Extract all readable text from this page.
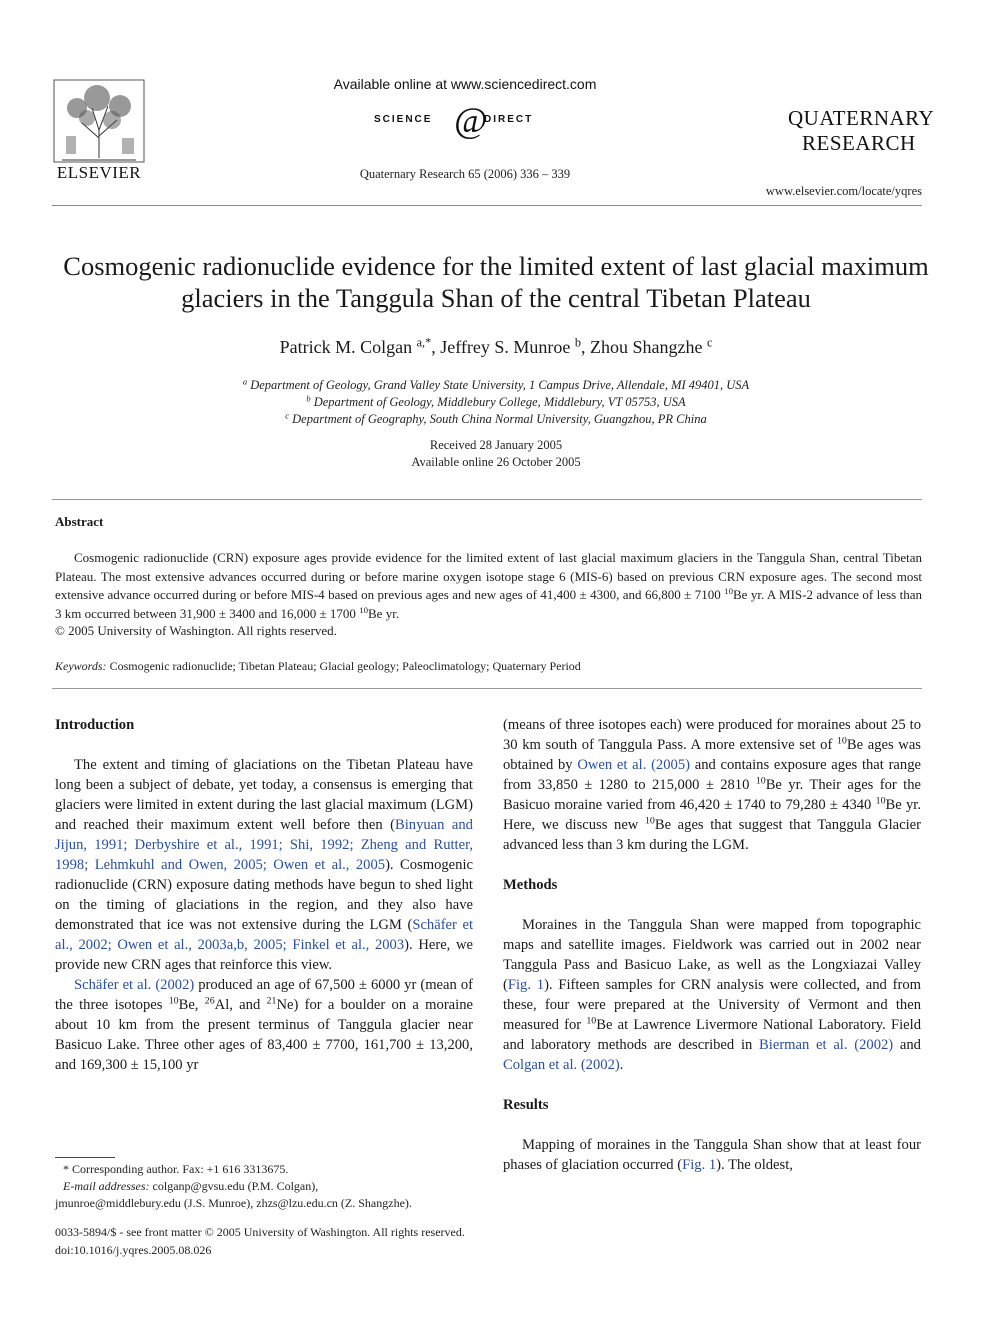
ELSEVIER
Available online at www.sciencedirect.com
SCIENCE @
DIRECT
Quaternary Research 65 (2006) 336 – 339
QUATERNARY
RESEARCH
www.elsevier.com/locate/yqres
Cosmogenic radionuclide evidence for the limited extent of last glacial maximum glaciers in the Tanggula Shan of the central Tibetan Plateau
Patrick M. Colgan $^{a,*}$, Jeffrey S. Munroe $^b$, Zhou Shangzhe $^c$
$^a$ Department of Geology, Grand Valley State University, 1 Campus Drive, Allendale, MI 49401, USA
$^b$ Department of Geology, Middlebury College, Middlebury, VT 05753, USA
$^c$ Department of Geography, South China Normal University, Guangzhou, PR China
Received 28 January 2005
Available online 26 October 2005
Abstract

Cosmogenic radionuclide (CRN) exposure ages provide evidence for the limited extent of last glacial maximum glaciers in the Tanggula Shan, central Tibetan Plateau. The most extensive advances occurred during or before marine oxygen isotope stage 6 (MIS-6) based on previous CRN exposure ages. The second most extensive advance occurred during or before MIS-4 based on previous ages and new ages of 41,400 ± 4300, and 66,800 ± 7100 $^{10}$Be yr. A MIS-2 advance of less than 3 km occurred between 31,900 ± 3400 and 16,000 ± 1700 $^{10}$Be yr.

© 2005 University of Washington. All rights reserved.
Keywords: Cosmogenic radionuclide; Tibetan Plateau; Glacial geology; Paleoclimatology; Quaternary Period
Introduction

The extent and timing of glaciations on the Tibetan Plateau have long been a subject of debate, yet today, a consensus is emerging that glaciers were limited in extent during the last glacial maximum (LGM) and reached their maximum extent well before then (Binyuan and Jijun, 1991; Derbyshire et al., 1991; Shi, 1992; Zheng and Rutter, 1998; Lehmkuhl and Owen, 2005; Owen et al., 2005). Cosmogenic radionuclide (CRN) exposure dating methods have begun to shed light on the timing of glaciations in the region, and they also have demonstrated that ice was not extensive during the LGM (Schäfer et al., 2002; Owen et al., 2003a,b, 2005; Finkel et al., 2003). Here, we provide new CRN ages that reinforce this view.

Schäfer et al. (2002) produced an age of 67,500 ± 6000 yr (mean of the three isotopes $^{10}$Be, $^{26}$Al, and $^{21}$Ne) for a boulder on a moraine about 10 km from the present terminus of Tanggula glacier near Basicuo Lake. Three other ages of 83,400 ± 7700, 161,700 ± 13,200, and 169,300 ± 15,100 yr

(means of three isotopes each) were produced for moraines about 25 to 30 km south of Tanggula Pass. A more extensive set of $^{10}$Be ages was obtained by Owen et al. (2005) and contains exposure ages that range from 33,850 ± 1280 to 215,000 ± 2810 $^{10}$Be yr. Their ages for the Basicuo moraine varied from 46,420 ± 1740 to 79,280 ± 4340 $^{10}$Be yr. Here, we discuss new $^{10}$Be ages that suggest that Tanggula Glacier advanced less than 3 km during the LGM.

Methods

Moraines in the Tanggula Shan were mapped from topographic maps and satellite images. Fieldwork was carried out in 2002 near Tanggula Pass and Basicuo Lake, as well as the Longxiazai Valley (Fig. 1). Fifteen samples for CRN analysis were collected, and from these, four were prepared at the University of Vermont and then measured for $^{10}$Be at Lawrence Livermore National Laboratory. Field and laboratory methods are described in Bierman et al. (2002) and Colgan et al. (2002).

Results

Mapping of moraines in the Tanggula Shan show that at least four phases of glaciation occurred (Fig. 1). The oldest,

* Corresponding author. Fax: +1 616 3313675.
E-mail addresses: colganp@gvsu.edu (P.M. Colgan),
jmunroe@middlebury.edu (J.S. Munroe), zhzs@lzu.edu.cn (Z. Shangzhe).
0033-5894/$ - see front matter © 2005 University of Washington. All rights reserved.
doi:10.1016/j.yqres.2005.08.026
